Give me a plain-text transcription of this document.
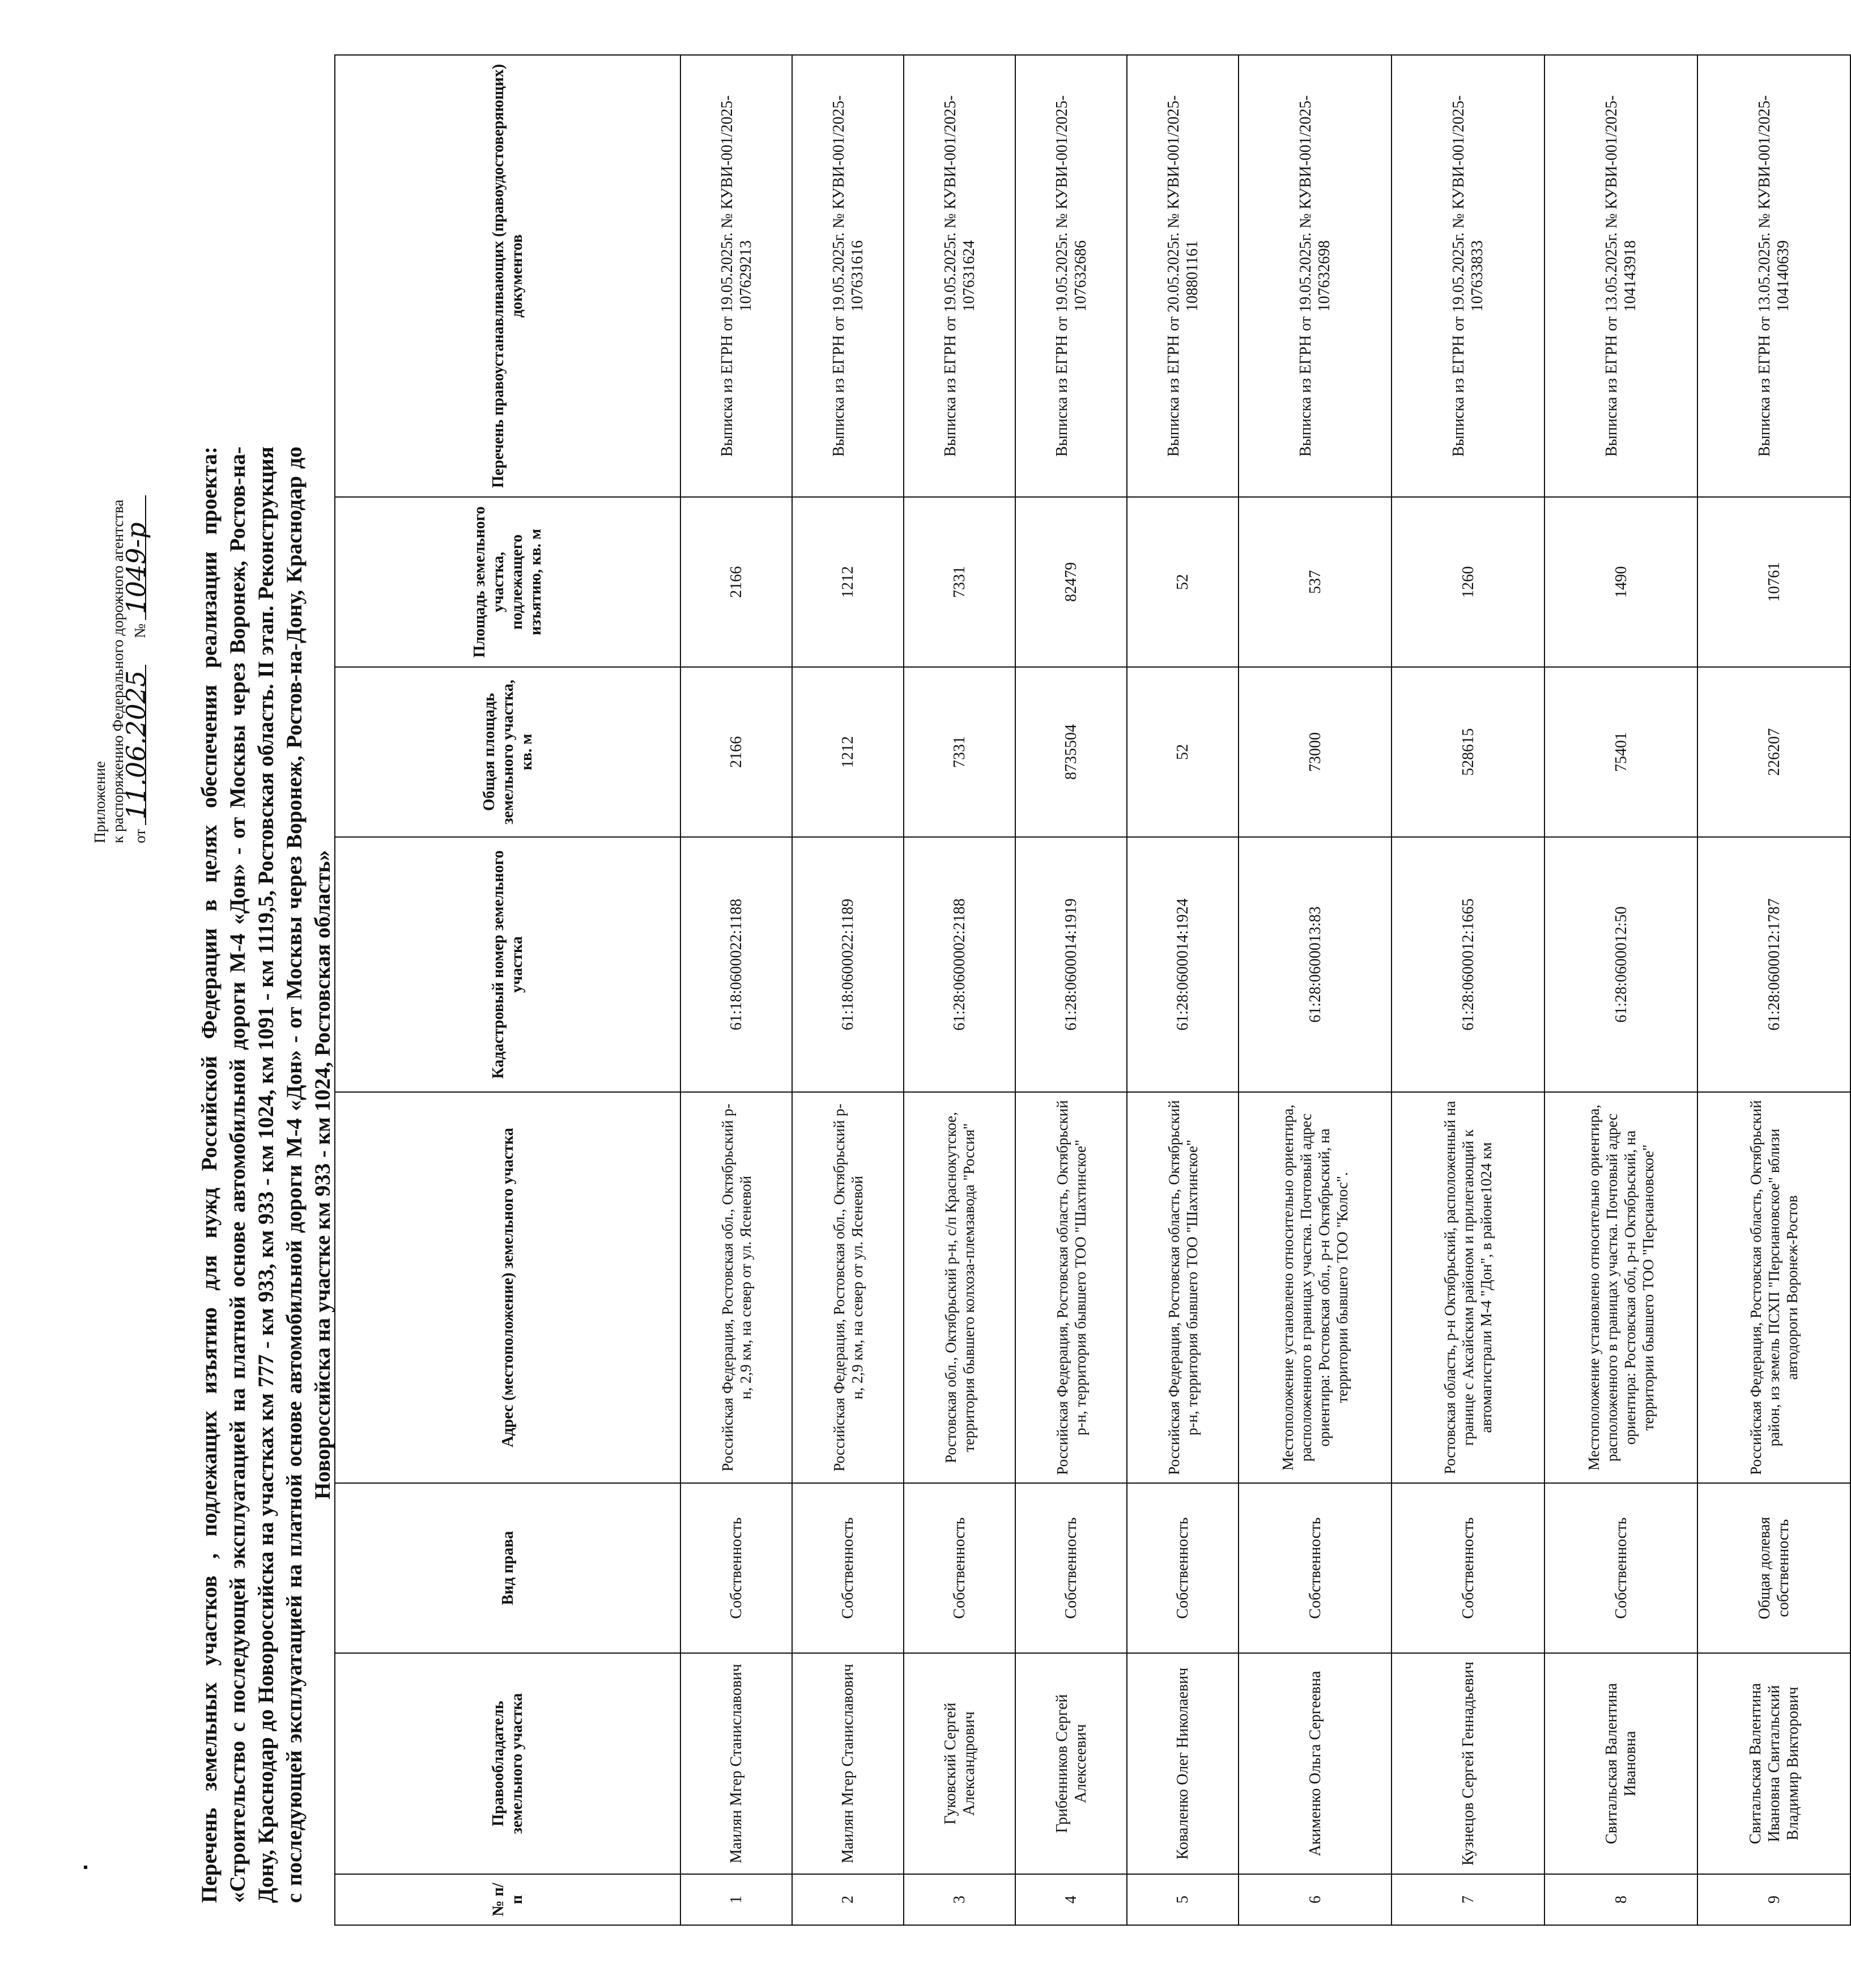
Приложение к распоряжению Федерального дорожного агентства от 11.06.2025 № 1049-р Перечень земельных участков , подлежащих изъятию для нужд Российской Федерации в целях обеспечения реализации проекта: «Строительство с последующей эксплуатацией на платной основе автомобильной дороги М-4 «Дон» - от Москвы через Воронеж, Ростов-на-Дону, Краснодар до Новороссийска на участках км 777 - км 933, км 933 - км 1024, км 1091 - км 1119,5, Ростовская область. II этап. Реконструкция с последующей эксплуатацией на платной основе автомобильной дороги М-4 «Дон» - от Москвы через Воронеж, Ростов-на-Дону, Краснодар до Новороссийска на участке км 933 - км 1024, Ростовская область»
№ п/п	Правообладатель земельного участка	Вид права	Адрес (местоположение) земельного участка	Кадастровый номер земельного участка	Общая площадь земельного участка, кв. м	Площадь земельного участка, подлежащего изъятию, кв. м	Перечень правоустанавливающих (правоудостоверяющих) документов
1	Маилян Мгер Станиславович	Собственность	Российская Федерация, Ростовская обл., Октябрьский р-н, 2,9 км, на север от ул. Ясеневой	61:18:0600022:1188	2166	2166	Выписка из ЕГРН от 19.05.2025г. № КУВИ-001/2025-107629213
2	Маилян Мгер Станиславович	Собственность	Российская Федерация, Ростовская обл., Октябрьский р-н, 2,9 км, на север от ул. Ясеневой	61:18:0600022:1189	1212	1212	Выписка из ЕГРН от 19.05.2025г. № КУВИ-001/2025-107631616
3	Гуковский Сергей Александрович	Собственность	Ростовская обл., Октябрьский р-н, с/п Краснокутское, территория бывшего колхоза-племзавода "Россия"	61:28:0600002:2188	7331	7331	Выписка из ЕГРН от 19.05.2025г. № КУВИ-001/2025-107631624
4	Грибенников Сергей Алексеевич	Собственность	Российская Федерация, Ростовская область, Октябрьский р-н, территория бывшего ТОО "Шахтинское"	61:28:0600014:1919	8735504	82479	Выписка из ЕГРН от 19.05.2025г. № КУВИ-001/2025-107632686
5	Коваленко Олег Николаевич	Собственность	Российская Федерация, Ростовская область, Октябрьский р-н, территория бывшего ТОО "Шахтинское"	61:28:0600014:1924	52	52	Выписка из ЕГРН от 20.05.2025г. № КУВИ-001/2025-108801161
6	Акименко Ольга Сергеевна	Собственность	Местоположение установлено относительно ориентира, расположенного в границах участка. Почтовый адрес ориентира: Ростовская обл., р-н Октябрьский, на территории бывшего ТОО "Колос".	61:28:0600013:83	73000	537	Выписка из ЕГРН от 19.05.2025г. № КУВИ-001/2025-107632698
7	Кузнецов Сергей Геннадьевич	Собственность	Ростовская область, р-н Октябрьский, расположенный на границе с Аксайским районом и прилегающий к автомагистрали М-4 "Дон", в районе1024 км	61:28:0600012:1665	528615	1260	Выписка из ЕГРН от 19.05.2025г. № КУВИ-001/2025-107633833
8	Свитальская Валентина Ивановна	Собственность	Местоположение установлено относительно ориентира, расположенного в границах участка. Почтовый адрес ориентира: Ростовская обл, р-н Октябрьский, на территории бывшего ТОО "Персиановское"	61:28:0600012:50	75401	1490	Выписка из ЕГРН от 13.05.2025г. № КУВИ-001/2025-104143918
9	Свитальская Валентина Ивановна Свитальский Владимир Викторович	Общая долевая собственность	Российская Федерация, Ростовская область, Октябрьский район, из земель ПСХП "Персиановское" вблизи автодороги Воронеж-Ростов	61:28:0600012:1787	226207	10761	Выписка из ЕГРН от 13.05.2025г. № КУВИ-001/2025-104140639
